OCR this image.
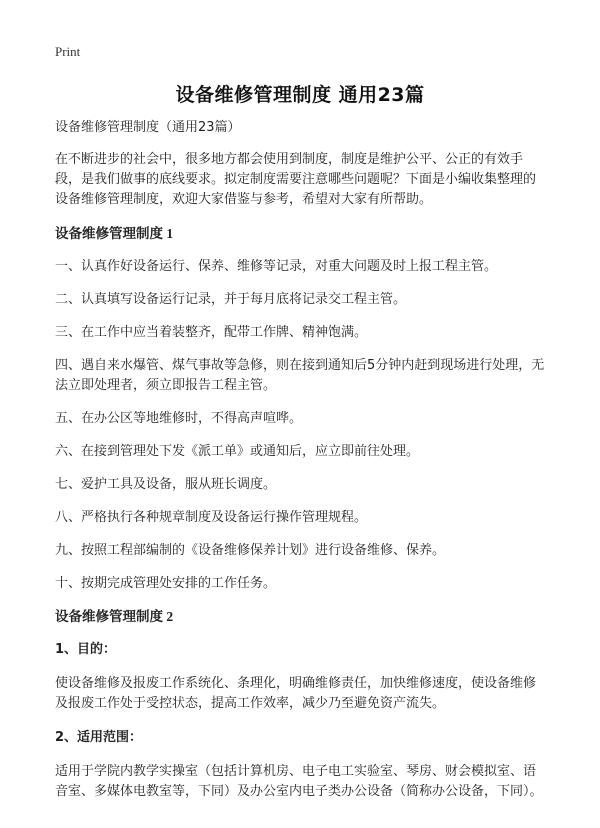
Print
设备维修管理制度 通用23篇

设备维修管理制度（通用23篇）

在不断进步的社会中，很多地方都会使用到制度，制度是维护公平、公正的有效手段，是我们做事的底线要求。拟定制度需要注意哪些问题呢？下面是小编收集整理的设备维修管理制度，欢迎大家借鉴与参考，希望对大家有所帮助。

设备维修管理制度 1

一、认真作好设备运行、保养、维修等记录，对重大问题及时上报工程主管。

二、认真填写设备运行记录，并于每月底将记录交工程主管。

三、在工作中应当着装整齐，配带工作牌、精神饱满。

四、遇自来水爆管、煤气事故等急修，则在接到通知后5分钟内赶到现场进行处理，无法立即处理者，须立即报告工程主管。

五、在办公区等地维修时，不得高声喧哗。

六、在接到管理处下发《派工单》或通知后，应立即前往处理。

七、爱护工具及设备，服从班长调度。

八、严格执行各种规章制度及设备运行操作管理规程。

九、按照工程部编制的《设备维修保养计划》进行设备维修、保养。

十、按期完成管理处安排的工作任务。

设备维修管理制度 2

1、目的：

使设备维修及报废工作系统化、条理化，明确维修责任，加快维修速度，使设备维修及报废工作处于受控状态，提高工作效率，减少乃至避免资产流失。

2、适用范围：

适用于学院内教学实操室（包括计算机房、电子电工实验室、琴房、财会模拟室、语音室、多媒体电教室等，下同）及办公室内电子类办公设备（简称办公设备，下同）。
